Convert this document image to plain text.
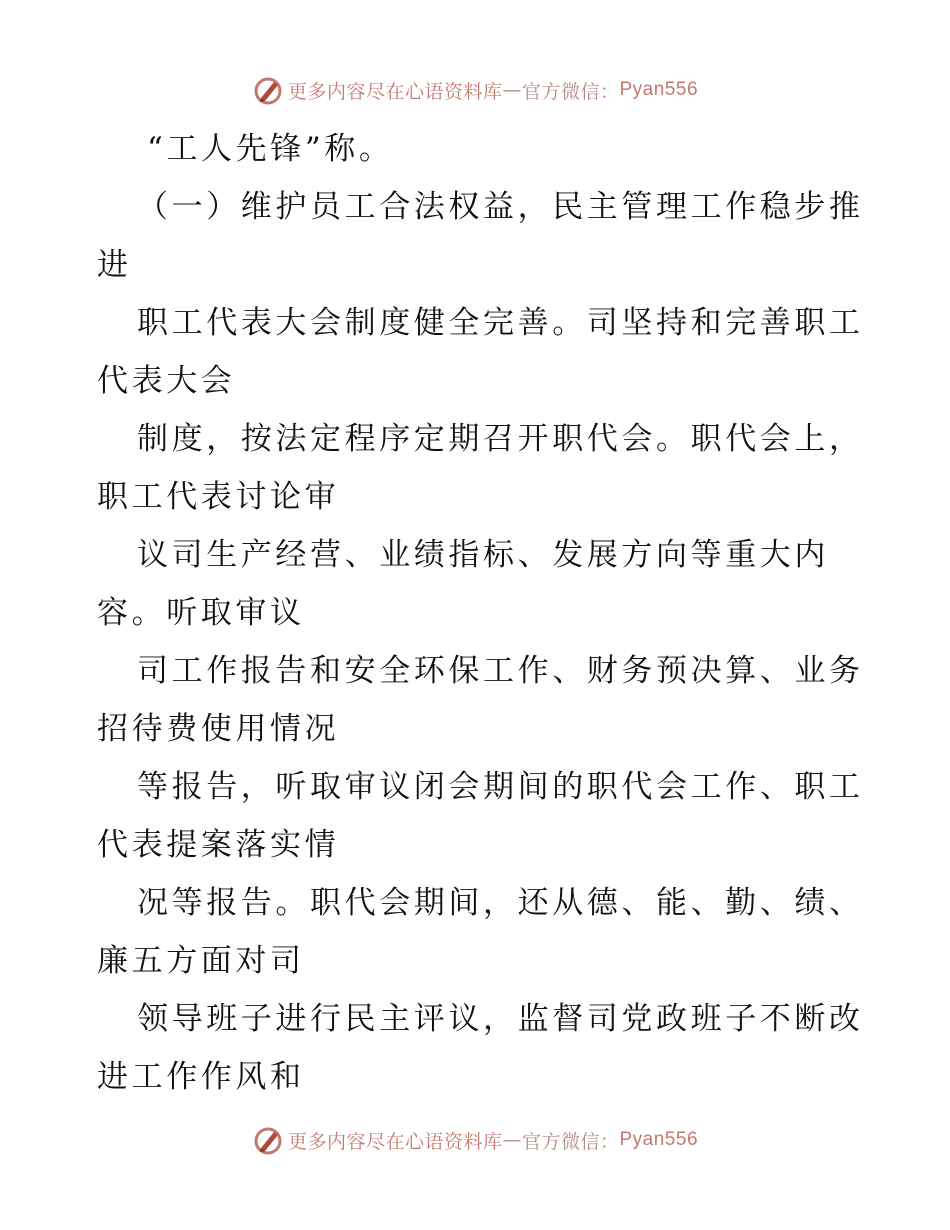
更多内容尽在心语资料库 — 官方微信： Pyan556
“工人先锋”称。
（一）维护员工合法权益，民主管理工作稳步推
进
职工代表大会制度健全完善。司坚持和完善职工
代表大会
制度，按法定程序定期召开职代会。职代会上，
职工代表讨论审
议司生产经营、业绩指标、发展方向等重大内
容。听取审议
司工作报告和安全环保工作、财务预决算、业务
招待费使用情况
等报告，听取审议闭会期间的职代会工作、职工
代表提案落实情
况等报告。职代会期间，还从德、能、勤、绩、
廉五方面对司
领导班子进行民主评议，监督司党政班子不断改
进工作作风和
更多内容尽在心语资料库 — 官方微信： Pyan556
